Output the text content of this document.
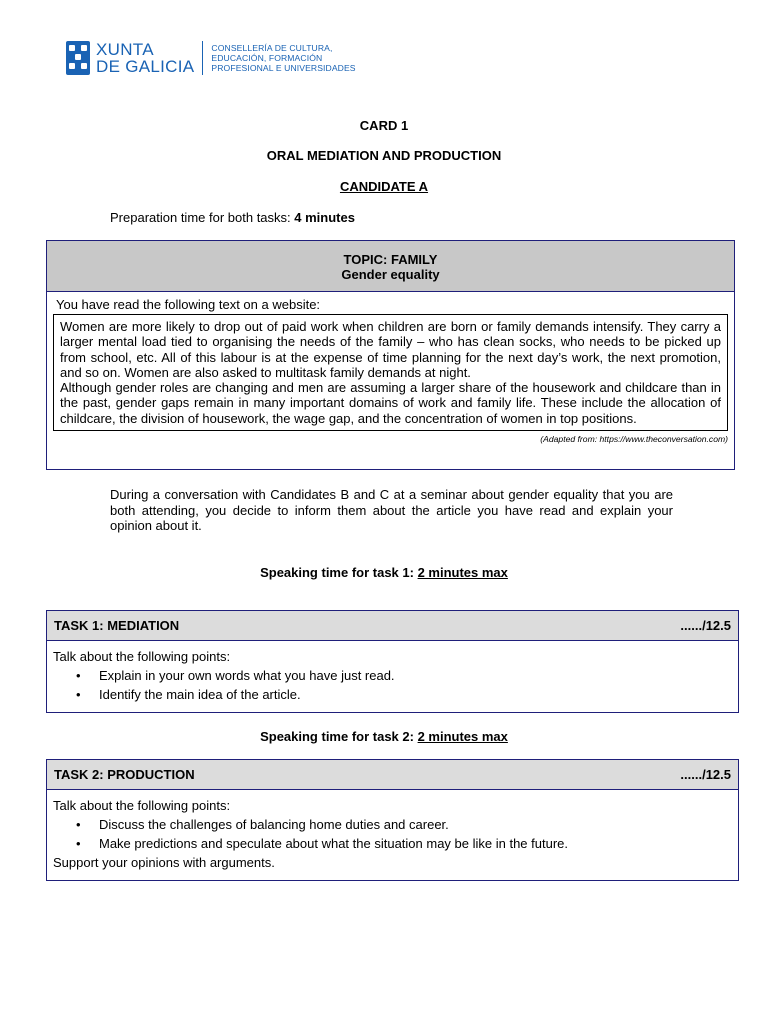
XUNTA
DE GALICIA
CONSELLERÍA DE CULTURA,
EDUCACIÓN, FORMACIÓN
PROFESIONAL E UNIVERSIDADES
CARD 1
ORAL MEDIATION AND PRODUCTION
CANDIDATE A
Preparation time for both tasks: 4 minutes
TOPIC: FAMILY
Gender equality
You have read the following text on a website:
Women are more likely to drop out of paid work when children are born or family demands intensify. They carry a larger mental load tied to organising the needs of the family – who has clean socks, who needs to be picked up from school, etc. All of this labour is at the expense of time planning for the next day’s work, the next promotion, and so on. Women are also asked to multitask family demands at night.
Although gender roles are changing and men are assuming a larger share of the housework and childcare than in the past, gender gaps remain in many important domains of work and family life. These include the allocation of childcare, the division of housework, the wage gap, and the concentration of women in top positions.
(Adapted from: https://www.theconversation.com)
During a conversation with Candidates B and C at a seminar about gender equality that you are both attending, you decide to inform them about the article you have read and explain your opinion about it.
Speaking time for task 1: 2 minutes max
TASK 1: MEDIATION	....../12.5
Talk about the following points:
• Explain in your own words what you have just read.
• Identify the main idea of the article.
Speaking time for task 2: 2 minutes max
TASK 2: PRODUCTION	....../12.5
Talk about the following points:
• Discuss the challenges of balancing home duties and career.
• Make predictions and speculate about what the situation may be like in the future.
Support your opinions with arguments.
